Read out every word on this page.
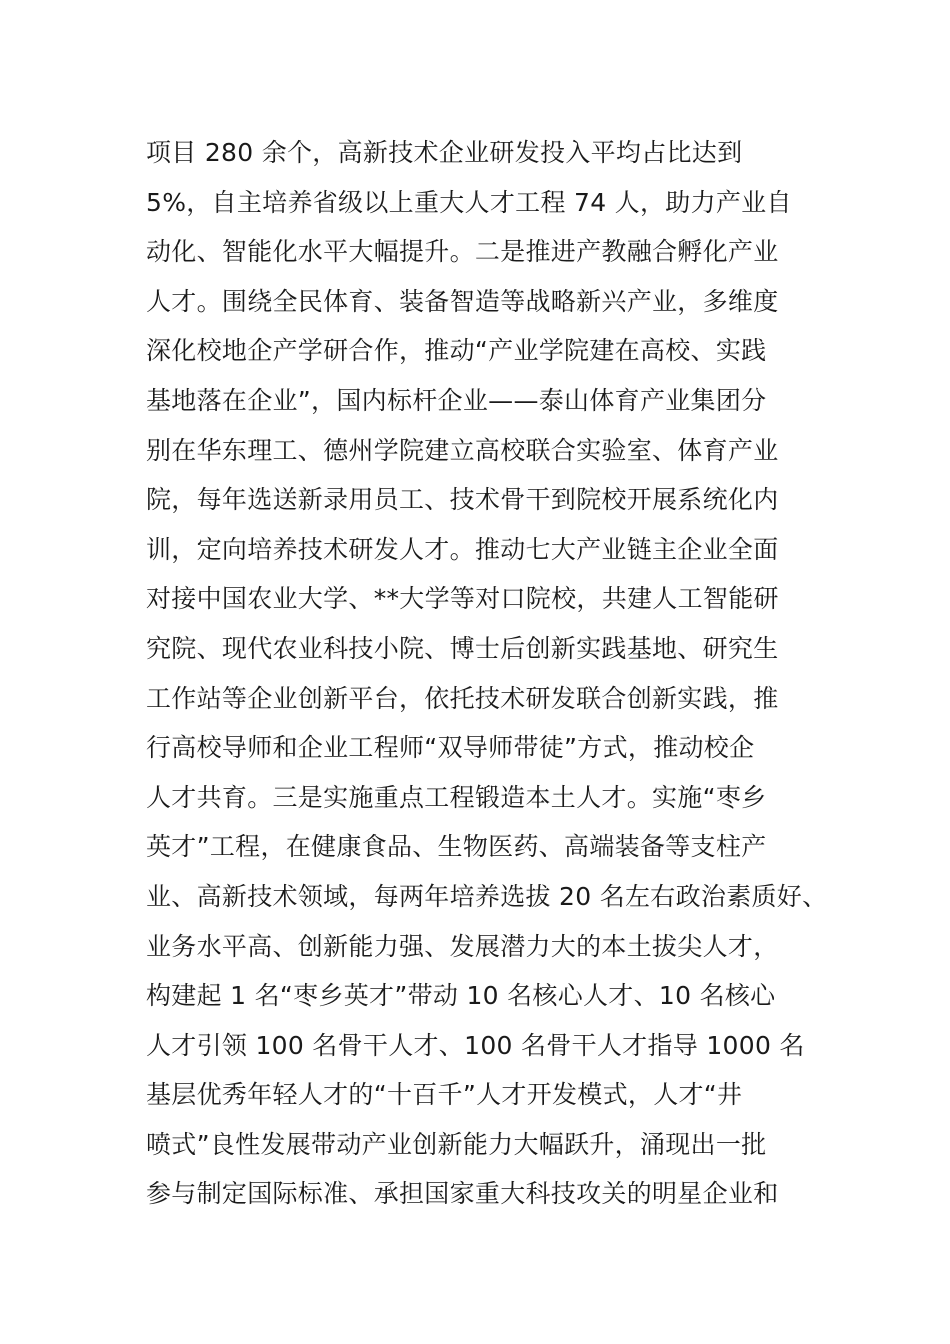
项目 280 余个，高新技术企业研发投入平均占比达到
5%，自主培养省级以上重大人才工程 74 人，助力产业自
动化、智能化水平大幅提升。二是推进产教融合孵化产业
人才。围绕全民体育、装备智造等战略新兴产业，多维度
深化校地企产学研合作，推动“产业学院建在高校、实践
基地落在企业”，国内标杆企业——泰山体育产业集团分
别在华东理工、德州学院建立高校联合实验室、体育产业
院，每年选送新录用员工、技术骨干到院校开展系统化内
训，定向培养技术研发人才。推动七大产业链主企业全面
对接中国农业大学、**大学等对口院校，共建人工智能研
究院、现代农业科技小院、博士后创新实践基地、研究生
工作站等企业创新平台，依托技术研发联合创新实践，推
行高校导师和企业工程师“双导师带徒”方式，推动校企
人才共育。三是实施重点工程锻造本土人才。实施“枣乡
英才”工程，在健康食品、生物医药、高端装备等支柱产
业、高新技术领域，每两年培养选拔 20 名左右政治素质好、
业务水平高、创新能力强、发展潜力大的本土拔尖人才，
构建起 1 名“枣乡英才”带动 10 名核心人才、10 名核心
人才引领 100 名骨干人才、100 名骨干人才指导 1000 名
基层优秀年轻人才的“十百千”人才开发模式，人才“井
喷式”良性发展带动产业创新能力大幅跃升，涌现出一批
参与制定国际标准、承担国家重大科技攻关的明星企业和
